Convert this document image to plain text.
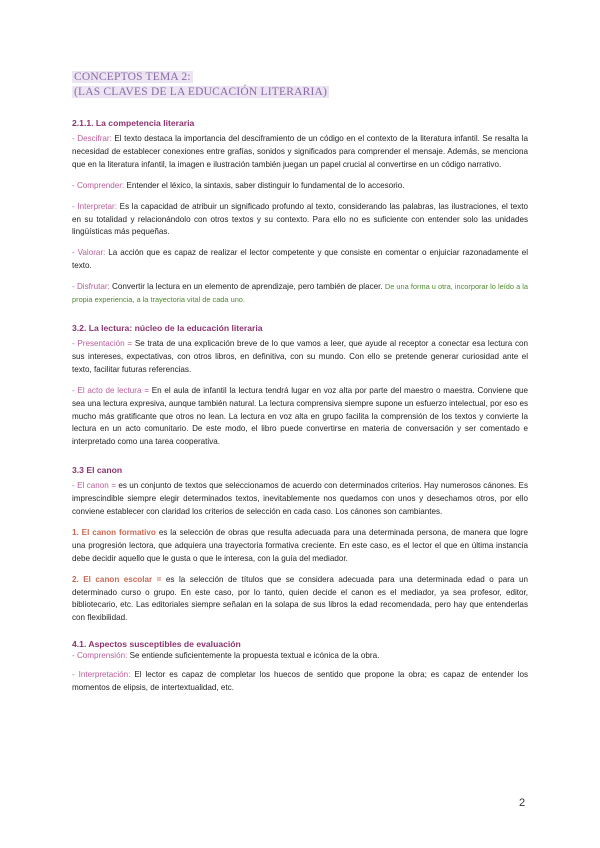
CONCEPTOS TEMA 2:
(LAS CLAVES DE LA EDUCACIÓN LITERARIA)
2.1.1. La competencia literaria

- Descifrar: El texto destaca la importancia del desciframiento de un código en el contexto de la literatura infantil. Se resalta la necesidad de establecer conexiones entre grafías, sonidos y significados para comprender el mensaje. Además, se menciona que en la literatura infantil, la imagen e ilustración también juegan un papel crucial al convertirse en un código narrativo.

- Comprender: Entender el léxico, la sintaxis, saber distinguir lo fundamental de lo accesorio.

- Interpretar: Es la capacidad de atribuir un significado profundo al texto, considerando las palabras, las ilustraciones, el texto en su totalidad y relacionándolo con otros textos y su contexto. Para ello no es suficiente con entender solo las unidades lingüísticas más pequeñas.

- Valorar: La acción que es capaz de realizar el lector competente y que consiste en comentar o enjuiciar razonadamente el texto.

- Disfrutar: Convertir la lectura en un elemento de aprendizaje, pero también de placer. De una forma u otra, incorporar lo leído a la propia experiencia, a la trayectoria vital de cada uno.

3.2. La lectura: núcleo de la educación literaria

- Presentación = Se trata de una explicación breve de lo que vamos a leer, que ayude al receptor a conectar esa lectura con sus intereses, expectativas, con otros libros, en definitiva, con su mundo. Con ello se pretende generar curiosidad ante el texto, facilitar futuras referencias.

- El acto de lectura = En el aula de infantil la lectura tendrá lugar en voz alta por parte del maestro o maestra. Conviene que sea una lectura expresiva, aunque también natural. La lectura comprensiva siempre supone un esfuerzo intelectual, por eso es mucho más gratificante que otros no lean. La lectura en voz alta en grupo facilita la comprensión de los textos y convierte la lectura en un acto comunitario. De este modo, el libro puede convertirse en materia de conversación y ser comentado e interpretado como una tarea cooperativa.

3.3 El canon

- El canon = es un conjunto de textos que seleccionamos de acuerdo con determinados criterios. Hay numerosos cánones. Es imprescindible siempre elegir determinados textos, inevitablemente nos quedamos con unos y desechamos otros, por ello conviene establecer con claridad los criterios de selección en cada caso. Los cánones son cambiantes.

1. El canon formativo es la selección de obras que resulta adecuada para una determinada persona, de manera que logre una progresión lectora, que adquiera una trayectoria formativa creciente. En este caso, es el lector el que en última instancia debe decidir aquello que le gusta o que le interesa, con la guía del mediador.

2. El canon escolar = es la selección de títulos que se considera adecuada para una determinada edad o para un determinado curso o grupo. En este caso, por lo tanto, quien decide el canon es el mediador, ya sea profesor, editor, bibliotecario, etc. Las editoriales siempre señalan en la solapa de sus libros la edad recomendada, pero hay que entenderlas con flexibilidad.

4.1. Aspectos susceptibles de evaluación

- Comprensión: Se entiende suficientemente la propuesta textual e icónica de la obra.

- Interpretación: El lector es capaz de completar los huecos de sentido que propone la obra; es capaz de entender los momentos de elipsis, de intertextualidad, etc.

2
